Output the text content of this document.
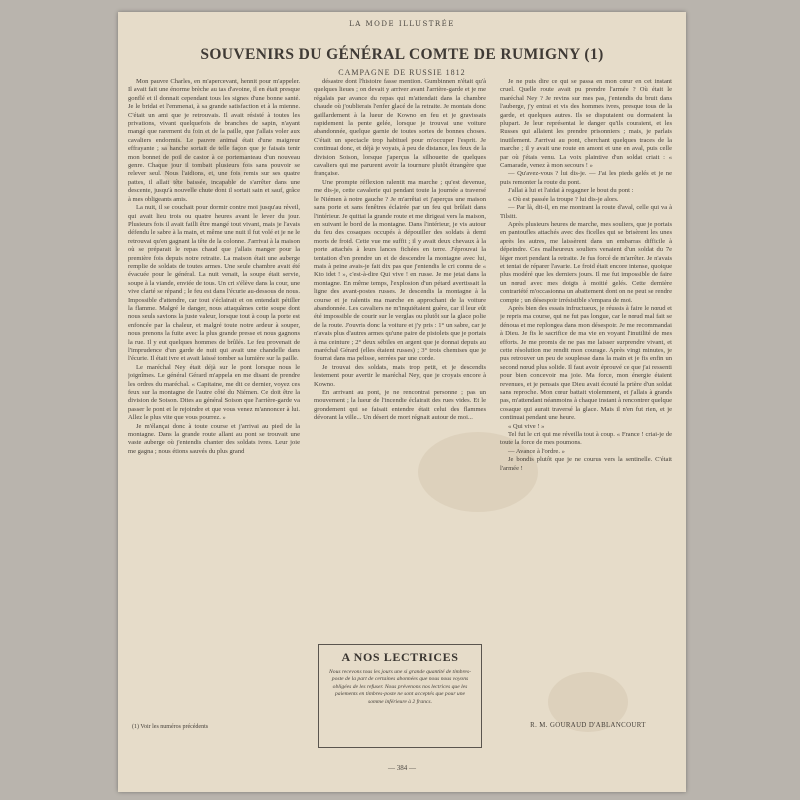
LA MODE ILLUSTRÉE
SOUVENIRS DU GÉNÉRAL COMTE DE RUMIGNY (1)
CAMPAGNE DE RUSSIE 1812

Mon pauvre Charles, en m'apercevant, hennit pour m'appeler. Il avait fait une énorme brèche au tas d'avoine, il en était presque gonflé et il donnait cependant tous les signes d'une bonne santé. Je le bridai et l'emmenai, à sa grande satisfaction et à la mienne. C'était un ami que je retrouvais. Il avait résisté à toutes les privations, vivant quelquefois de branches de sapin, n'ayant mangé que rarement du foin et de la paille, que j'allais voler aux cavaliers endormis. Le pauvre animal était d'une maigreur effrayante ; sa hanche sortait de telle façon que je faisais tenir mon bonnet de poil de castor à ce portemanteau d'un nouveau genre. Chaque jour il tombait plusieurs fois sans pouvoir se relever seul. Nous l'aidions, et, une fois remis sur ses quatre pattes, il allait tête baissée, incapable de s'arrêter dans une descente, jusqu'à nouvelle chute dont il sortait sain et sauf, grâce à mes obligeants amis.

La nuit, il se couchait pour dormir contre moi jusqu'au réveil, qui avait lieu trois ou quatre heures avant le lever du jour. Plusieurs fois il avait failli être mangé tout vivant, mais je l'avais défendu le sabre à la main, et même une nuit il fut volé et je ne le retrouvai qu'en gagnant la tête de la colonne. J'arrivai à la maison où se préparait le repas chaud que j'allais manger pour la première fois depuis notre retraite. La maison était une auberge remplie de soldats de toutes armes. Une seule chambre avait été évacuée pour le général. La nuit venait, la soupe était servie, soupe à la viande, enviée de tous. Un cri s'élève dans la cour, une vive clarté se répand ; le feu est dans l'écurie au-dessous de nous. Impossible d'attendre, car tout s'éclairait et on entendait pétiller la flamme. Malgré le danger, nous attaquâmes cette soupe dont nous seuls savions la juste valeur, lorsque tout à coup la porte est enfoncée par la chaleur, et malgré toute notre ardeur à souper, nous prenons la fuite avec la plus grande presse et nous gagnons la rue. Il y eut quelques hommes de brûlés. Le feu provenait de l'imprudence d'un garde de nuit qui avait une chandelle dans l'écurie. Il était ivre et avait laissé tomber sa lumière sur la paille.

Le maréchal Ney était déjà sur le pont lorsque nous le joignîmes. Le général Gérard m'appela en me disant de prendre les ordres du maréchal. « Capitaine, me dit ce dernier, voyez ces feux sur la montagne de l'autre côté du Niémen. Ce doit être la division de Soison. Dites au général Soison que l'arrière-garde va passer le pont et le rejoindre et que vous venez m'annoncer à lui. Allez le plus vite que vous pourrez. »

Je m'élançai donc à toute course et j'arrivai au pied de la montagne. Dans la grande route allant au pont se trouvait une vaste auberge où j'entendis chanter des soldats ivres. Leur joie me gagna ; nous étions sauvés du plus grand

désastre dont l'histoire fasse mention. Gumbinnen n'était qu'à quelques lieues ; on devait y arriver avant l'arrière-garde et je me régalais par avance du repas qui m'attendait dans la chambre chaude où j'oublierais l'enfer glacé de la retraite. Je montais donc gaillardement à la lueur de Kowno en feu et je gravissais rapidement la pente gelée, lorsque je trouvai une voiture abandonnée, quelque garnie de toutes sortes de bonnes choses. C'était un spectacle trop habituel pour m'occuper l'esprit. Je continuai donc, et déjà je voyais, à peu de distance, les feux de la division Soison, lorsque j'aperçus la silhouette de quelques cavaliers qui me parurent avoir la tournure plutôt étrangère que française.

Une prompte réflexion ralentit ma marche ; qu'est devenue, me dis-je, cette cavalerie qui pendant toute la journée a traversé le Niémen à notre gauche ? Je m'arrêtai et j'aperçus une maison sans porte et sans fenêtres éclairée par un feu qui brûlait dans l'intérieur. Je quittai la grande route et me dirigeai vers la maison, en suivant le bord de la montagne. Dans l'intérieur, je vis autour du feu des cosaques occupés à dépouiller des soldats à demi morts de froid. Cette vue me suffit ; il y avait deux chevaux à la porte attachés à leurs lances fichées en terre. J'éprouvai la tentation d'en prendre un et de descendre la montagne avec lui, mais à peine avais-je fait dix pas que j'entendis le cri connu de « Kto idet ! », c'est-à-dire Qui vive ! en russe. Je me jetai dans la montagne. En même temps, l'explosion d'un pétard avertissait la ligne des avant-postes russes. Je descendis la montagne à la course et je ralentis ma marche en approchant de la voiture abandonnée. Les cavaliers ne m'inquiétaient guère, car il leur eût été impossible de courir sur le verglas ou plutôt sur la glace polie de la route. J'ouvris donc la voiture et j'y pris : 1° un sabre, car je n'avais plus d'autres armes qu'une paire de pistolets que je portais à ma ceinture ; 2° deux sébiles en argent que je donnai depuis au maréchal Gérard (elles étaient russes) ; 3° trois chemises que je fourrai dans ma pelisse, serrées par une corde.

Je trouvai des soldats, mais trop petit, et je descendis lestement pour avertir le maréchal Ney, que je croyais encore à Kowno.

En arrivant au pont, je ne rencontrai personne ; pas un mouvement ; la lueur de l'incendie éclairait des rues vides. Et le grondement qui se faisait entendre était celui des flammes dévorant la ville... Un désert de mort régnait autour de moi...

Je ne puis dire ce qui se passa en mon cœur en cet instant cruel. Quelle route avait pu prendre l'armée ? Où était le maréchal Ney ? Je revins sur mes pas, j'entendis du bruit dans l'auberge, j'y entrai et vis des hommes ivres, presque tous de la garde, et quelques autres. Ils se disputaient ou dormaient la plupart. Je leur représentai le danger qu'ils couraient, et les Russes qui allaient les prendre prisonniers ; mais, je parlais inutilement. J'arrivai au pont, cherchant quelques traces de la marche ; il y avait une route en amont et une en aval, puis celle par où j'étais venu. La voix plaintive d'un soldat criait : « Camarade, venez à mon secours ! »

— Qu'avez-vous ? lui dis-je. — J'ai les pieds gelés et je ne puis remonter la route du pont.

J'allai à lui et l'aidai à regagner le bout du pont :

« Où est passée la troupe ? lui dis-je alors.

— Par là, dit-il, en me montrant la route d'aval, celle qui va à Tilsitt.

Après plusieurs heures de marche, mes souliers, que je portais en pantoufles attachés avec des ficelles qui se brisèrent les unes après les autres, me laissèrent dans un embarras difficile à dépeindre. Ces malheureux souliers venaient d'un soldat du 7e léger mort pendant la retraite. Je fus forcé de m'arrêter. Je n'avais et tentai de réparer l'avarie. Le froid était encore intense, quoique plus modéré que les derniers jours. Il me fut impossible de faire un nœud avec mes doigts à moitié gelés. Cette dernière contrariété m'occasionna un abattement dont on ne peut se rendre compte ; un désespoir irrésistible s'empara de moi.

Après bien des essais infructueux, je réussis à faire le nœud et je repris ma course, qui ne fut pas longue, car le nœud mal fait se dénoua et me replongea dans mon désespoir. Je me recommandai à Dieu. Je fis le sacrifice de ma vie en voyant l'inutilité de mes efforts. Je me promis de ne pas me laisser surprendre vivant, et cette résolution me rendit mon courage. Après vingt minutes, je pus retrouver un peu de souplesse dans la main et je fis enfin un second nœud plus solide. Il faut avoir éprouvé ce que j'ai ressenti pour bien concevoir ma joie. Ma force, mon énergie étaient revenues, et je pensais que Dieu avait écouté la prière d'un soldat sans reproche. Mon cœur battait violemment, et j'allais à grands pas, m'attendant néanmoins à chaque instant à rencontrer quelque cosaque qui aurait traversé la glace. Mais il n'en fut rien, et je continuai pendant une heure.

« Qui vive ! »

Tel fut le cri qui me réveilla tout à coup. « France ! criai-je de toute la force de mes poumons.

— Avance à l'ordre. »

Je bondis plutôt que je ne courus vers la sentinelle. C'était l'armée !

(1) Voir les numéros précédents
A NOS LECTRICES
Nous recevons tous les jours une si grande quantité de timbres-poste de la part de certaines abonnées que nous nous voyons obligées de les refuser. Nous prévenons nos lectrices que les paiements en timbres-poste ne sont acceptés que pour une somme inférieure à 2 francs.
R. M. GOURAUD D'ABLANCOURT
— 384 —
